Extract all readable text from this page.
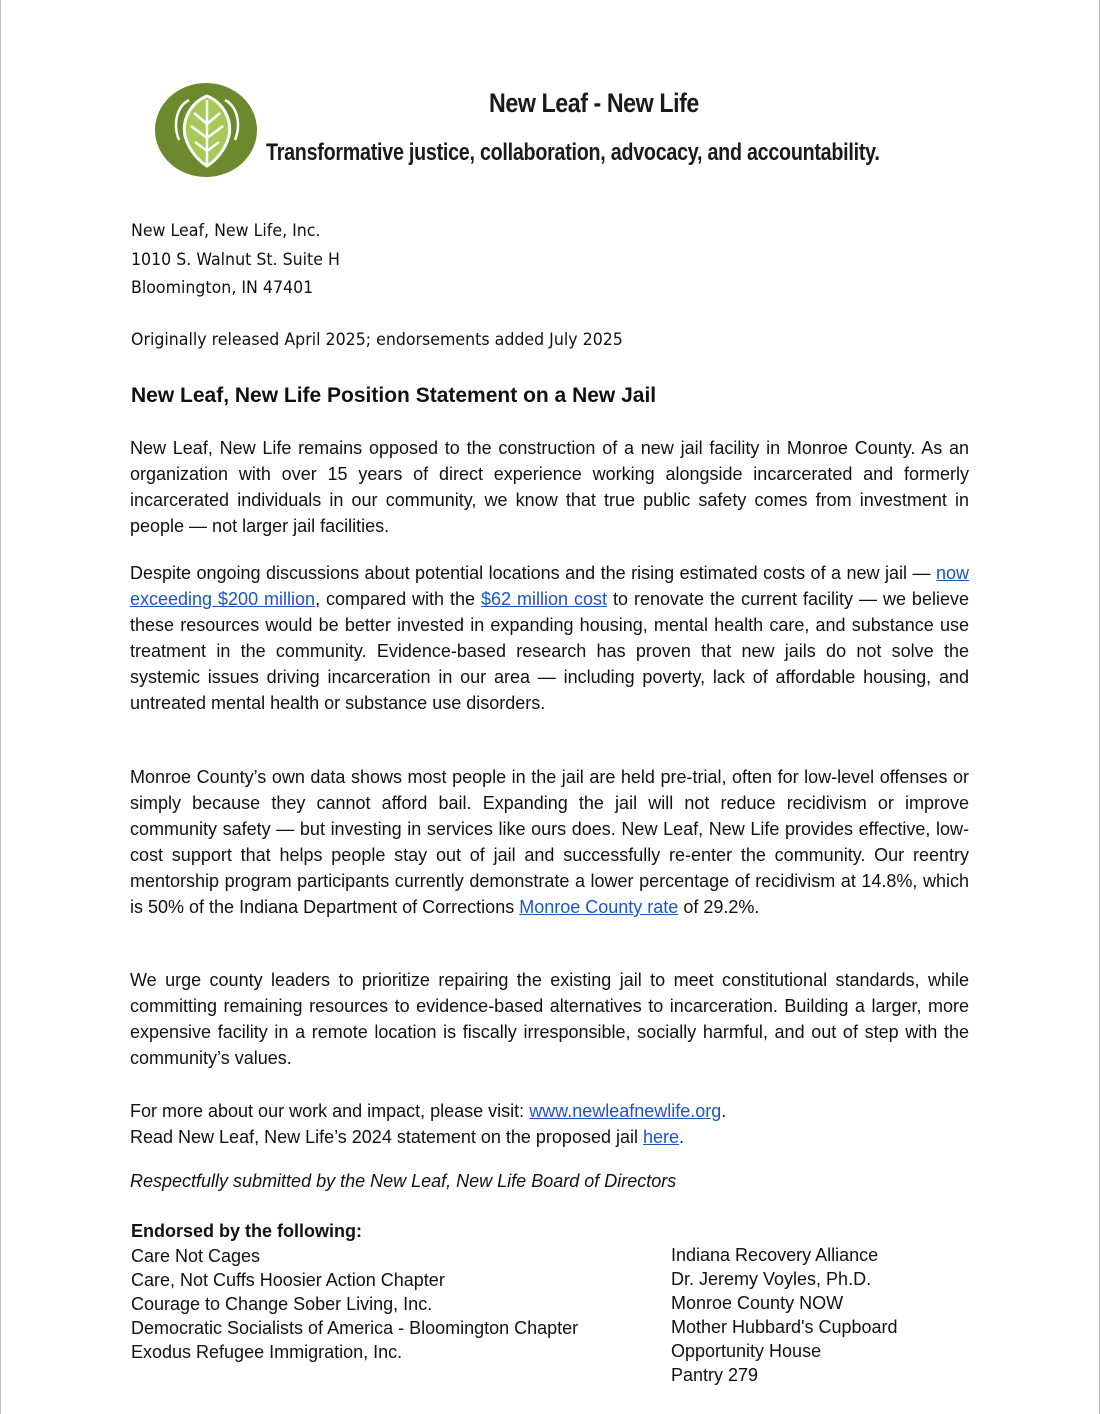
New Leaf - New Life
Transformative justice, collaboration, advocacy, and accountability.
New Leaf, New Life, Inc.
1010 S. Walnut St. Suite H
Bloomington, IN 47401
Originally released April 2025; endorsements added July 2025
New Leaf, New Life Position Statement on a New Jail

New Leaf, New Life remains opposed to the construction of a new jail facility in Monroe County. As an organization with over 15 years of direct experience working alongside incarcerated and formerly incarcerated individuals in our community, we know that true public safety comes from investment in people — not larger jail facilities.

Despite ongoing discussions about potential locations and the rising estimated costs of a new jail — now exceeding $200 million, compared with the $62 million cost to renovate the current facility — we believe these resources would be better invested in expanding housing, mental health care, and substance use treatment in the community. Evidence-based research has proven that new jails do not solve the systemic issues driving incarceration in our area — including poverty, lack of affordable housing, and untreated mental health or substance use disorders.

Monroe County’s own data shows most people in the jail are held pre-trial, often for low-level offenses or simply because they cannot afford bail. Expanding the jail will not reduce recidivism or improve community safety — but investing in services like ours does. New Leaf, New Life provides effective, low-cost support that helps people stay out of jail and successfully re-enter the community. Our reentry mentorship program participants currently demonstrate a lower percentage of recidivism at 14.8%, which is 50% of the Indiana Department of Corrections Monroe County rate of 29.2%.

We urge county leaders to prioritize repairing the existing jail to meet constitutional standards, while committing remaining resources to evidence-based alternatives to incarceration. Building a larger, more expensive facility in a remote location is fiscally irresponsible, socially harmful, and out of step with the community’s values.

For more about our work and impact, please visit: www.newleafnewlife.org.
Read New Leaf, New Life’s 2024 statement on the proposed jail here.
Respectfully submitted by the New Leaf, New Life Board of Directors
Endorsed by the following:
Care Not Cages
Care, Not Cuffs Hoosier Action Chapter
Courage to Change Sober Living, Inc.
Democratic Socialists of America - Bloomington Chapter
Exodus Refugee Immigration, Inc.
Indiana Recovery Alliance
Dr. Jeremy Voyles, Ph.D.
Monroe County NOW
Mother Hubbard's Cupboard
Opportunity House
Pantry 279
